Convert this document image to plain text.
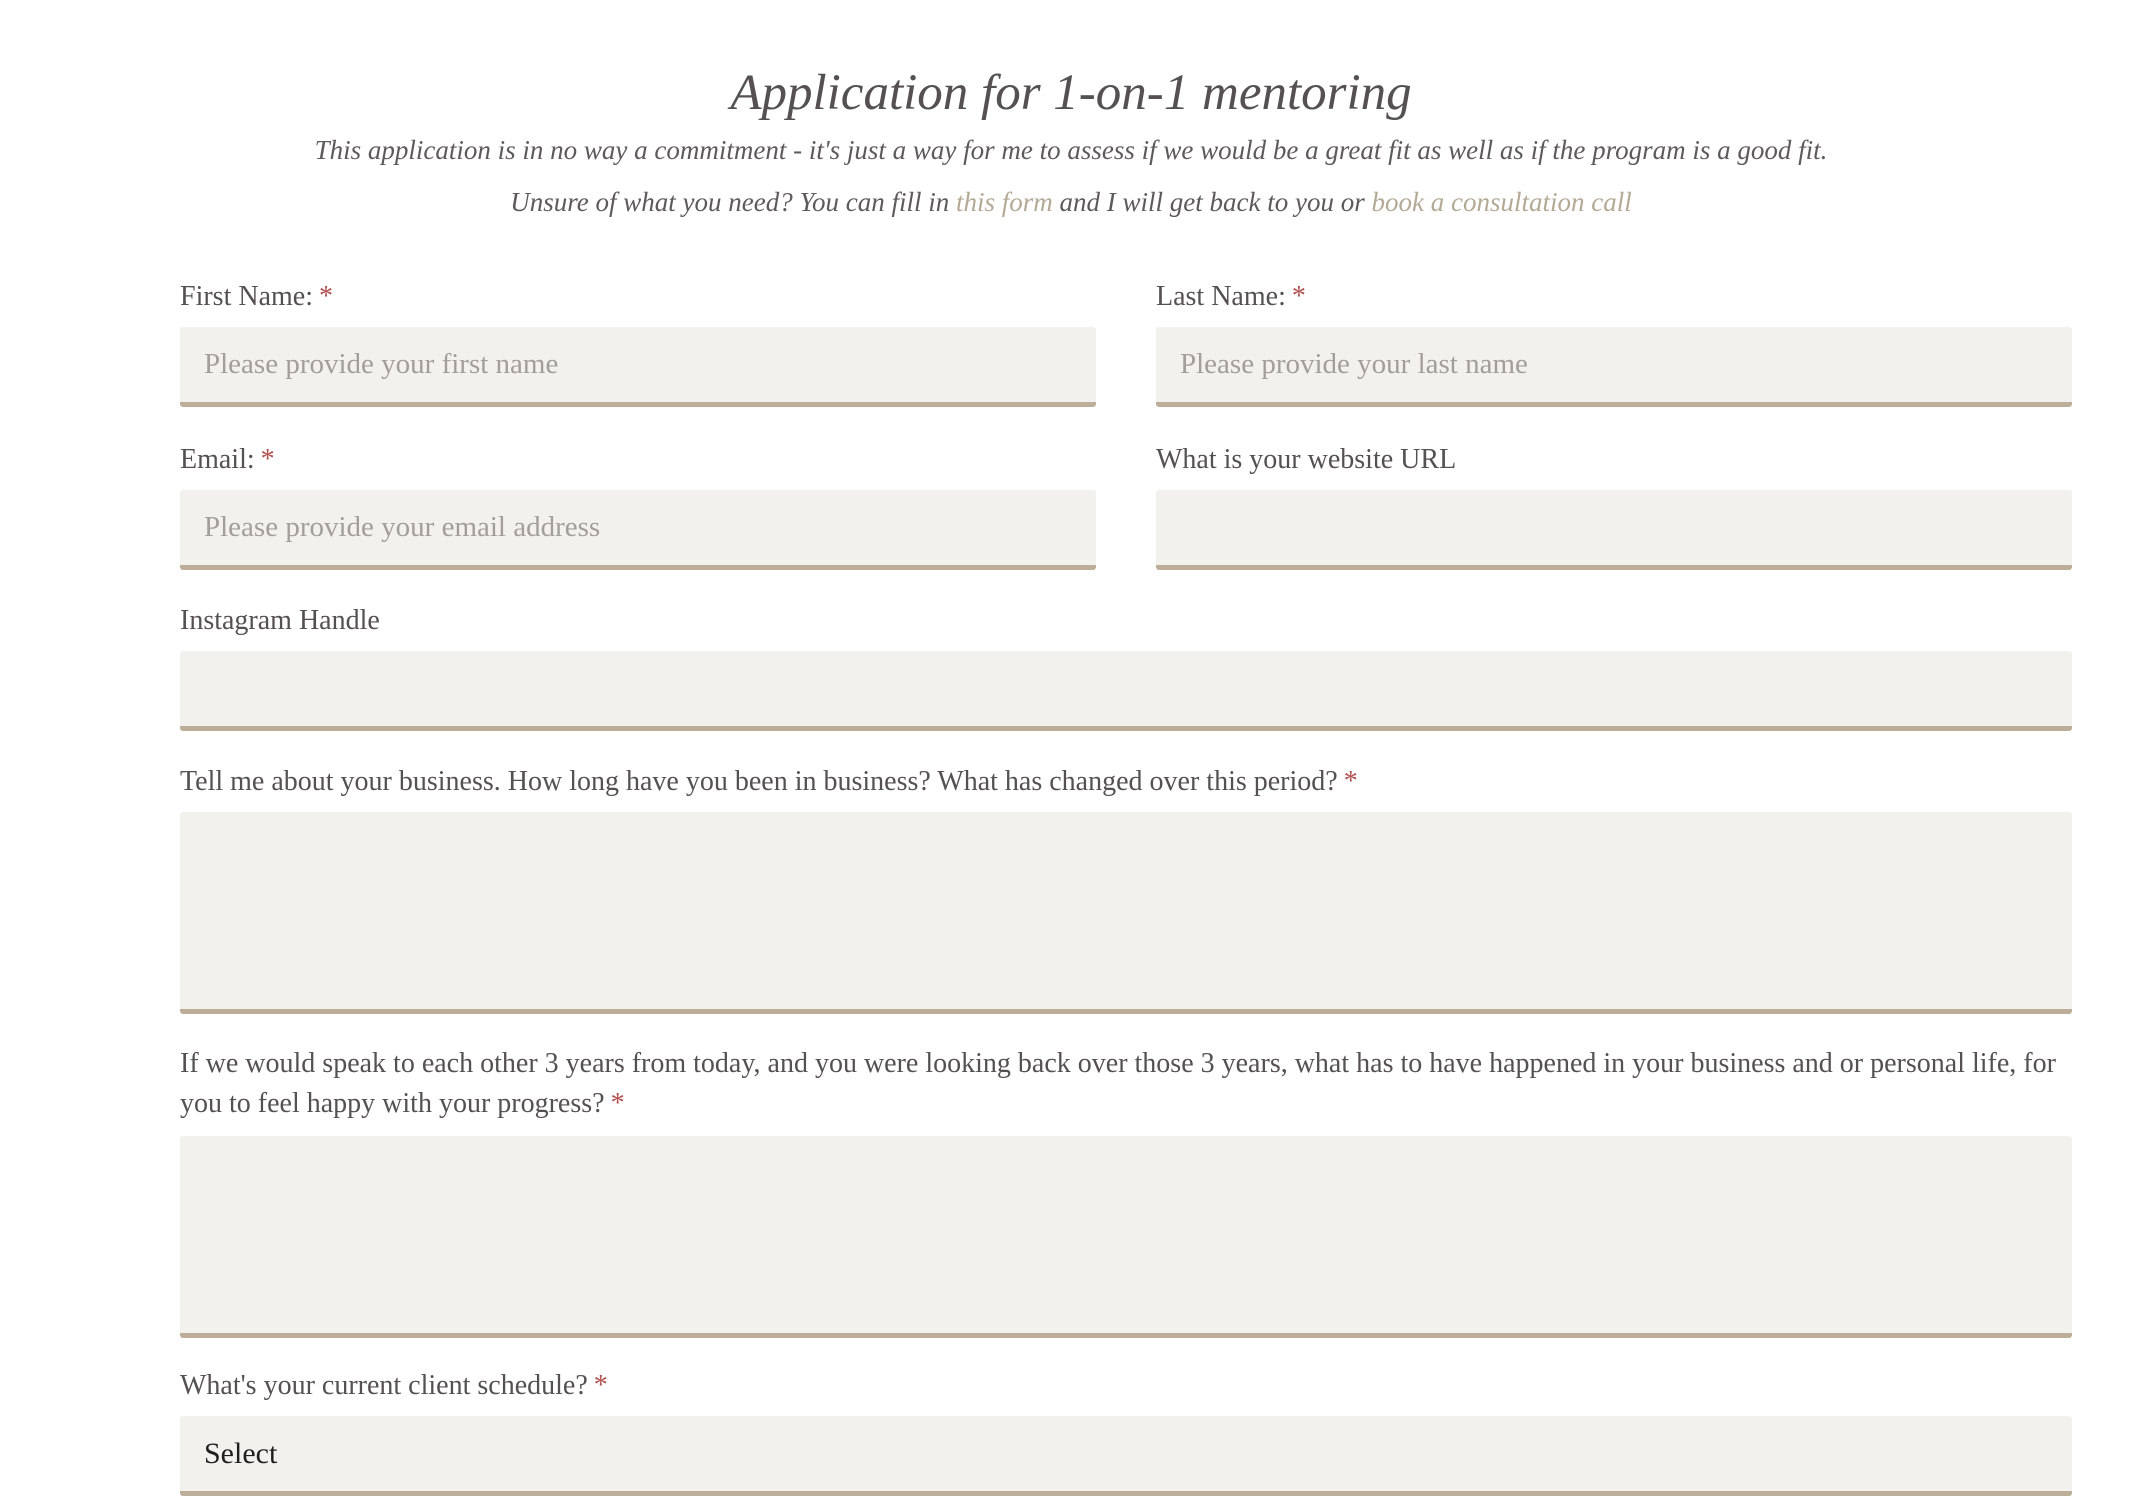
Application for 1-on-1 mentoring

This application is in no way a commitment - it's just a way for me to assess if we would be a great fit as well as if the program is a good fit.

Unsure of what you need? You can fill in this form and I will get back to you or book a consultation call

First Name: *
Please provide your first name	Last Name: *
Please provide your last name
Email: *
Please provide your email address	What is your website URL
Instagram Handle
Tell me about your business. How long have you been in business? What has changed over this period? *
If we would speak to each other 3 years from today, and you were looking back over those 3 years, what has to have happened in your business and or personal life, for you to feel happy with your progress? *
What's your current client schedule? *
Select
